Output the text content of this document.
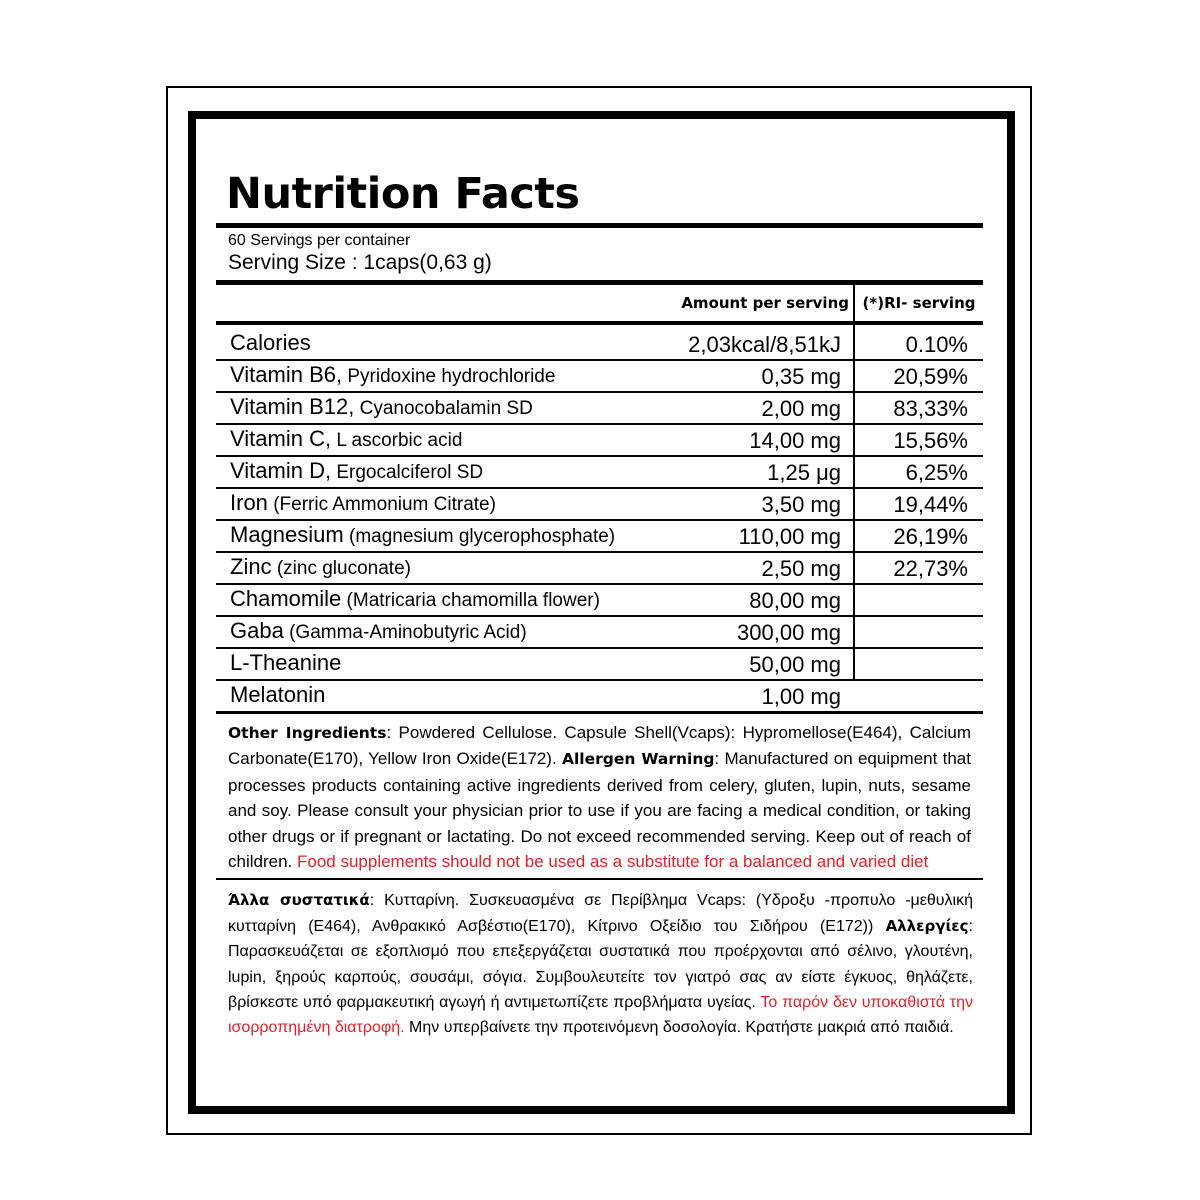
Nutrition Facts
60 Servings per container
Serving Size : 1caps(0,63 g)
Amount per serving	(*)RI- serving
Calories 2,03kcal/8,51kJ	0.10%
Vitamin B6, Pyridoxine hydrochloride 0,35 mg	20,59%
Vitamin B12, Cyanocobalamin SD 2,00 mg	83,33%
Vitamin C, L ascorbic acid 14,00 mg	15,56%
Vitamin D, Ergocalciferol SD 1,25 μg	6,25%
Iron (Ferric Ammonium Citrate) 3,50 mg	19,44%
Magnesium (magnesium glycerophosphate) 110,00 mg	26,19%
Zinc (zinc gluconate) 2,50 mg	22,73%
Chamomile (Matricaria chamomilla flower) 80,00 mg	

Gaba (Gamma-Aminobutyric Acid) 300,00 mg	

L-Theanine 50,00 mg	

Melatonin 1,00 mg	

Other Ingredients: Powdered Cellulose. Capsule Shell(Vcaps): Hypromellose(E464), Calcium Carbonate(E170), Yellow Iron Oxide(E172). Allergen Warning: Manufactured on equipment that processes products containing active ingredients derived from celery, gluten, lupin, nuts, sesame and soy. Please consult your physician prior to use if you are facing a medical condition, or taking other drugs or if pregnant or lactating. Do not exceed recommended serving. Keep out of reach of children. Food supplements should not be used as a substitute for a balanced and varied diet
Άλλα συστατικά: Κυτταρίνη. Συσκευασμένα σε Περίβλημα Vcaps: (Υδροξυ -προπυλο -μεθυλική κυτταρίνη (Ε464), Ανθρακικό Ασβέστιο(Ε170), Κίτρινο Οξείδιο του Σιδήρου (Ε172)) Αλλεργίες: Παρασκευάζεται σε εξοπλισμό που επεξεργάζεται συστατικά που προέρχονται από σέλινο, γλουτένη, lupin, ξηρούς καρπούς, σουσάμι, σόγια. Συμβουλευτείτε τον γιατρό σας αν είστε έγκυος, θηλάζετε, βρίσκεστε υπό φαρμακευτική αγωγή ή αντιμετωπίζετε προβλήματα υγείας. Το παρόν δεν υποκαθιστά την ισορροπημένη διατροφή. Μην υπερβαίνετε την προτεινόμενη δοσολογία. Κρατήστε μακριά από παιδιά.
